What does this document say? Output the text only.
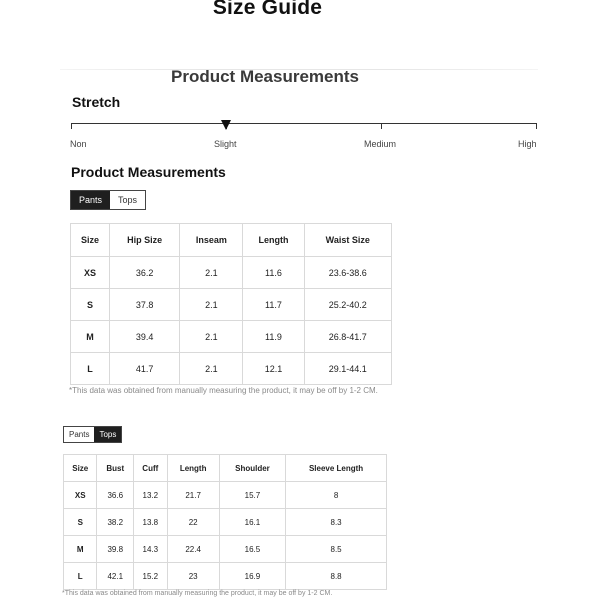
Size Guide
Product Measurements
Stretch
Non	Slight	Medium	High
Product Measurements
Pants	Tops
Size	Hip Size	Inseam	Length	Waist Size
XS	36.2	2.1	11.6	23.6-38.6
S	37.8	2.1	11.7	25.2-40.2
M	39.4	2.1	11.9	26.8-41.7
L	41.7	2.1	12.1	29.1-44.1
*This data was obtained from manually measuring the product, it may be off by 1-2 CM.
Pants	Tops
Size	Bust	Cuff	Length	Shoulder	Sleeve Length
XS	36.6	13.2	21.7	15.7	8
S	38.2	13.8	22	16.1	8.3
M	39.8	14.3	22.4	16.5	8.5
L	42.1	15.2	23	16.9	8.8
*This data was obtained from manually measuring the product, it may be off by 1-2 CM.
